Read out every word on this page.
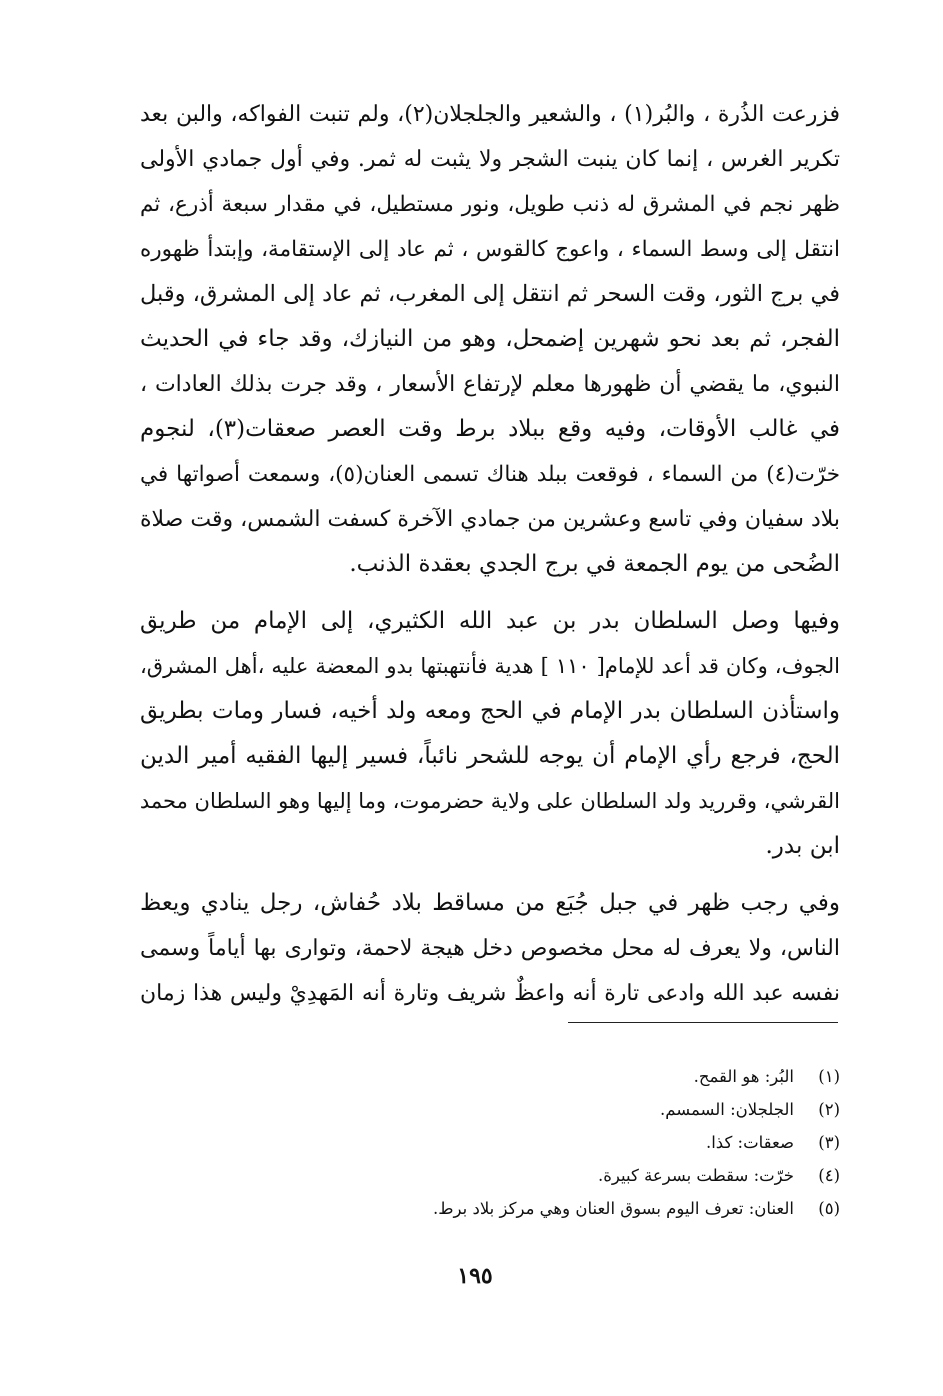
فزرعت الذُرة ، والبُر(١) ، والشعير والجلجلان(٢)، ولم تنبت الفواكه، والبن بعد
تكرير الغرس ، إنما كان ينبت الشجر ولا يثبت له ثمر. وفي أول جمادي الأولى
ظهر نجم في المشرق له ذنب طويل، ونور مستطيل، في مقدار سبعة أذرع، ثم
انتقل إلى وسط السماء ، واعوج كالقوس ، ثم عاد إلى الإستقامة، وإبتدأ ظهوره
في برج الثور، وقت السحر ثم انتقل إلى المغرب، ثم عاد إلى المشرق، وقبل
الفجر، ثم بعد نحو شهرين إضمحل، وهو من النيازك، وقد جاء في الحديث
النبوي، ما يقضي أن ظهورها معلم لإرتفاع الأسعار ، وقد جرت بذلك العادات ،
في غالب الأوقات، وفيه وقع ببلاد برط وقت العصر صعقات(٣)، لنجوم
خرّت(٤) من السماء ، فوقعت ببلد هناك تسمى العنان(٥)، وسمعت أصواتها في
بلاد سفيان وفي تاسع وعشرين من جمادي الآخرة كسفت الشمس، وقت صلاة
الضُحى من يوم الجمعة في برج الجدي بعقدة الذنب.
وفيها وصل السلطان بدر بن عبد الله الكثيري، إلى الإمام من طريق
الجوف، وكان قد أعد للإمام[ ١١٠ ] هدية فأنتهبتها بدو المعضة عليه ،أهل المشرق،
واستأذن السلطان بدر الإمام في الحج ومعه ولد أخيه، فسار ومات بطريق
الحج، فرجع رأي الإمام أن يوجه للشحر نائباً، فسير إليها الفقيه أمير الدين
القرشي، وقرريد ولد السلطان على ولاية حضرموت، وما إليها وهو السلطان محمد
ابن بدر.
وفي رجب ظهر في جبل جُبَع من مساقط بلاد حُفاش، رجل ينادي ويعظ
الناس، ولا يعرف له محل مخصوص دخل هيجة لاحمة، وتوارى بها أياماً وسمى
نفسه عبد الله وادعى تارة أنه واعظٌ شريف وتارة أنه المَهدِيْ وليس هذا زمان
(١)البُر: هو القمح.
(٢)الجلجلان: السمسم.
(٣)صعقات: كذا.
(٤)خرّت: سقطت بسرعة كبيرة.
(٥)العنان: تعرف اليوم بسوق العنان وهي مركز بلاد برط.
١٩٥
